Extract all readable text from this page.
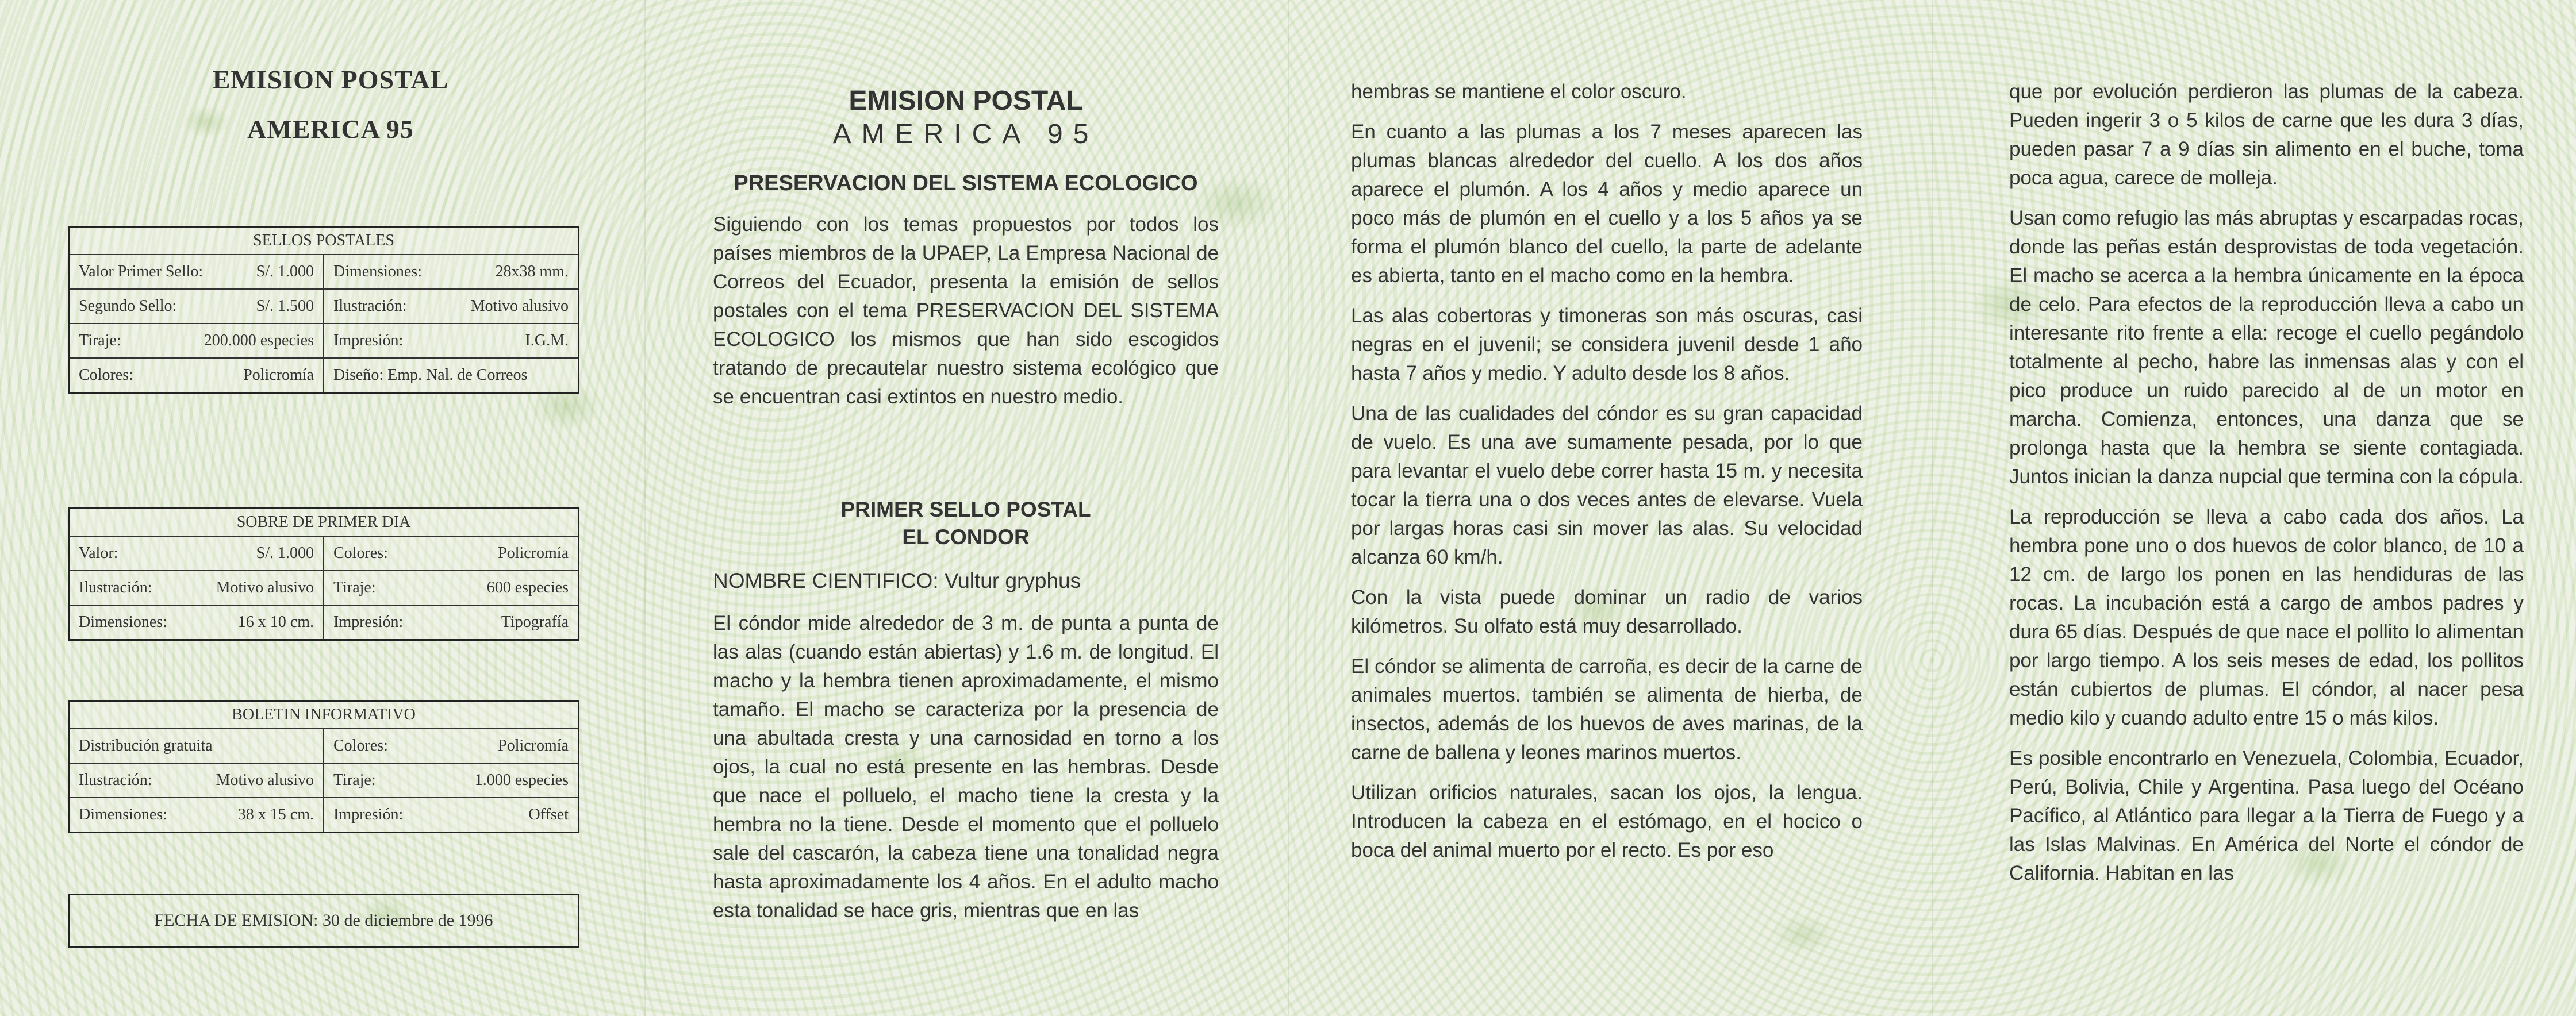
EMISION POSTAL
AMERICA 95
SELLOS POSTALES
Valor Primer Sello:	S/. 1.000 Dimensiones:	28x38 mm.
Segundo Sello:	S/. 1.500 Ilustración:	Motivo alusivo
Tiraje:	200.000 especies Impresión:	I.G.M.
Colores:	Policromía Diseño: Emp. Nal. de Correos
SOBRE DE PRIMER DIA
Valor:	S/. 1.000 Colores:	Policromía
Ilustración:	Motivo alusivo Tiraje:	600 especies
Dimensiones:	16 x 10 cm. Impresión:	Tipografía
BOLETIN INFORMATIVO
Distribución gratuita	Colores:	Policromía
Ilustración:	Motivo alusivo Tiraje:	1.000 especies
Dimensiones:	38 x 15 cm. Impresión:	Offset
FECHA DE EMISION: 30 de diciembre de 1996
EMISION POSTAL
AMERICA 95
PRESERVACION DEL SISTEMA ECOLOGICO

Siguiendo con los temas propuestos por todos los países miembros de la UPAEP, La Empresa Nacional de Correos del Ecuador, presenta la emisión de sellos postales con el tema PRESERVACION DEL SISTEMA ECOLOGICO los mismos que han sido escogidos tratando de precautelar nuestro sistema ecológico que se encuentran casi extintos en nuestro medio.

PRIMER SELLO POSTAL
EL CONDOR
NOMBRE CIENTIFICO: Vultur gryphus

El cóndor mide alrededor de 3 m. de punta a punta de las alas (cuando están abiertas) y 1.6 m. de longitud. El macho y la hembra tienen aproximadamente, el mismo tamaño. El macho se caracteriza por la presencia de una abultada cresta y una carnosidad en torno a los ojos, la cual no está presente en las hembras. Desde que nace el polluelo, el macho tiene la cresta y la hembra no la tiene. Desde el momento que el polluelo sale del cascarón, la cabeza tiene una tonalidad negra hasta aproximadamente los 4 años. En el adulto macho esta tonalidad se hace gris, mientras que en las

hembras se mantiene el color oscuro.

En cuanto a las plumas a los 7 meses aparecen las plumas blancas alrededor del cuello. A los dos años aparece el plumón. A los 4 años y medio aparece un poco más de plumón en el cuello y a los 5 años ya se forma el plumón blanco del cuello, la parte de adelante es abierta, tanto en el macho como en la hembra.

Las alas cobertoras y timoneras son más oscuras, casi negras en el juvenil; se considera juvenil desde 1 año hasta 7 años y medio. Y adulto desde los 8 años.

Una de las cualidades del cóndor es su gran capacidad de vuelo. Es una ave sumamente pesada, por lo que para levantar el vuelo debe correr hasta 15 m. y necesita tocar la tierra una o dos veces antes de elevarse. Vuela por largas horas casi sin mover las alas. Su velocidad alcanza 60 km/h.

Con la vista puede dominar un radio de varios kilómetros. Su olfato está muy desarrollado.

El cóndor se alimenta de carroña, es decir de la carne de animales muertos. también se alimenta de hierba, de insectos, además de los huevos de aves marinas, de la carne de ballena y leones marinos muertos.

Utilizan orificios naturales, sacan los ojos, la lengua. Introducen la cabeza en el estómago, en el hocico o boca del animal muerto por el recto. Es por eso

que por evolución perdieron las plumas de la cabeza. Pueden ingerir 3 o 5 kilos de carne que les dura 3 días, pueden pasar 7 a 9 días sin alimento en el buche, toma poca agua, carece de molleja.

Usan como refugio las más abruptas y escarpadas rocas, donde las peñas están desprovistas de toda vegetación. El macho se acerca a la hembra únicamente en la época de celo. Para efectos de la reproducción lleva a cabo un interesante rito frente a ella: recoge el cuello pegándolo totalmente al pecho, habre las inmensas alas y con el pico produce un ruido parecido al de un motor en marcha. Comienza, entonces, una danza que se prolonga hasta que la hembra se siente contagiada. Juntos inician la danza nupcial que termina con la cópula.

La reproducción se lleva a cabo cada dos años. La hembra pone uno o dos huevos de color blanco, de 10 a 12 cm. de largo los ponen en las hendiduras de las rocas. La incubación está a cargo de ambos padres y dura 65 días. Después de que nace el pollito lo alimentan por largo tiempo. A los seis meses de edad, los pollitos están cubiertos de plumas. El cóndor, al nacer pesa medio kilo y cuando adulto entre 15 o más kilos.

Es posible encontrarlo en Venezuela, Colombia, Ecuador, Perú, Bolivia, Chile y Argentina. Pasa luego del Océano Pacífico, al Atlántico para llegar a la Tierra de Fuego y a las Islas Malvinas. En América del Norte el cóndor de California. Habitan en las
